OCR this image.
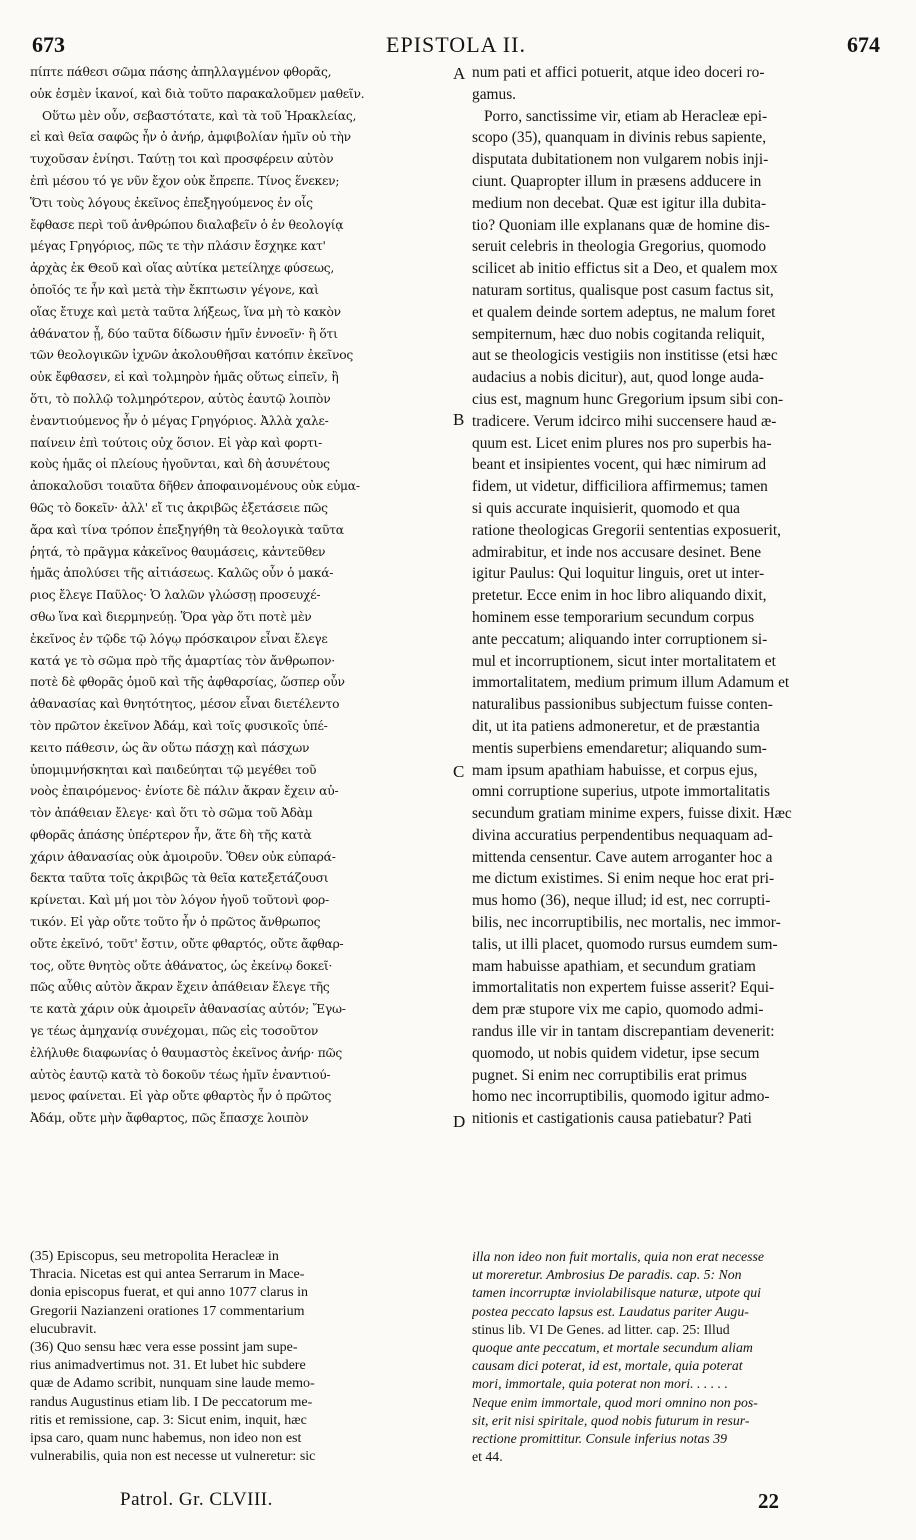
673	EPISTOLA II.	674
πίπτε πάθεσι σῶμα πάσης ἀπηλλαγμένον φθορᾶς,
οὐκ ἐσμὲν ἱκανοί, καὶ διὰ τοῦτο παρακαλοῦμεν μαθεῖν.
Οὕτω μὲν οὖν, σεβαστότατε, καὶ τὰ τοῦ Ἡρακλείας,
εἰ καὶ θεῖα σαφῶς ἦν ὁ ἀνήρ, ἀμφιβολίαν ἡμῖν οὐ τὴν
τυχοῦσαν ἐνίησι. Ταύτῃ τοι καὶ προσφέρειν αὐτὸν
ἐπὶ μέσου τό γε νῦν ἔχον οὐκ ἔπρεπε. Τίνος ἕνεκεν;
Ὅτι τοὺς λόγους ἐκεῖνος ἐπεξηγούμενος ἐν οἷς
ἔφθασε περὶ τοῦ ἀνθρώπου διαλαβεῖν ὁ ἐν θεολογίᾳ
μέγας Γρηγόριος, πῶς τε τὴν πλάσιν ἔσχηκε κατ'
ἀρχὰς ἐκ Θεοῦ καὶ οἵας αὐτίκα μετείληχε φύσεως,
ὁποῖός τε ἦν καὶ μετὰ τὴν ἔκπτωσιν γέγονε, καὶ
οἵας ἔτυχε καὶ μετὰ ταῦτα λήξεως, ἵνα μὴ τὸ κακὸν
ἀθάνατον ᾖ, δύο ταῦτα δίδωσιν ἡμῖν ἐννοεῖν· ἢ ὅτι
τῶν θεολογικῶν ἰχνῶν ἀκολουθῆσαι κατόπιν ἐκεῖνος
οὐκ ἔφθασεν, εἰ καὶ τολμηρὸν ἡμᾶς οὕτως εἰπεῖν, ἢ
ὅτι, τὸ πολλῷ τολμηρότερον, αὐτὸς ἑαυτῷ λοιπὸν
ἐναντιούμενος ἦν ὁ μέγας Γρηγόριος. Ἀλλὰ χαλε-
παίνειν ἐπὶ τούτοις οὐχ ὅσιον. Εἰ γὰρ καὶ φορτι-
κοὺς ἡμᾶς οἱ πλείους ἡγοῦνται, καὶ δὴ ἀσυνέτους
ἀποκαλοῦσι τοιαῦτα δῆθεν ἀποφαινομένους οὐκ εὐμα-
θῶς τὸ δοκεῖν· ἀλλ' εἴ τις ἀκριβῶς ἐξετάσειε πῶς
ἄρα καὶ τίνα τρόπον ἐπεξηγήθη τὰ θεολογικὰ ταῦτα
ῥητά, τὸ πρᾶγμα κἀκεῖνος θαυμάσεις, κἀντεῦθεν
ἡμᾶς ἀπολύσει τῆς αἰτιάσεως. Καλῶς οὖν ὁ μακά-
ριος ἔλεγε Παῦλος· Ὁ λαλῶν γλώσσῃ προσευχέ-
σθω ἵνα καὶ διερμηνεύῃ. Ὅρα γὰρ ὅτι ποτὲ μὲν
ἐκεῖνος ἐν τῷδε τῷ λόγῳ πρόσκαιρον εἶναι ἔλεγε
κατά γε τὸ σῶμα πρὸ τῆς ἁμαρτίας τὸν ἄνθρωπον·
ποτὲ δὲ φθορᾶς ὁμοῦ καὶ τῆς ἀφθαρσίας, ὥσπερ οὖν
ἀθανασίας καὶ θνητότητος, μέσον εἶναι διετέλεντο
τὸν πρῶτον ἐκεῖνον Ἀδάμ, καὶ τοῖς φυσικοῖς ὑπέ-
κειτο πάθεσιν, ὡς ἂν οὕτω πάσχῃ καὶ πάσχων
ὑπομιμνήσκηται καὶ παιδεύηται τῷ μεγέθει τοῦ
νοὸς ἐπαιρόμενος· ἐνίοτε δὲ πάλιν ἄκραν ἔχειν αὐ-
τὸν ἀπάθειαν ἔλεγε· καὶ ὅτι τὸ σῶμα τοῦ Ἀδὰμ
φθορᾶς ἁπάσης ὑπέρτερον ἦν, ἅτε δὴ τῆς κατὰ
χάριν ἀθανασίας οὐκ ἀμοιροῦν. Ὅθεν οὐκ εὐπαρά-
δεκτα ταῦτα τοῖς ἀκριβῶς τὰ θεῖα κατεξετάζουσι
κρίνεται. Καὶ μή μοι τὸν λόγον ἡγοῦ τοῦτονὶ φορ-
τικόν. Εἰ γὰρ οὔτε τοῦτο ἦν ὁ πρῶτος ἄνθρωπος
οὔτε ἐκεῖνό, τοῦτ' ἔστιν, οὔτε φθαρτός, οὔτε ἄφθαρ-
τος, οὔτε θνητὸς οὔτε ἀθάνατος, ὡς ἐκείνῳ δοκεῖ·
πῶς αὖθις αὐτὸν ἄκραν ἔχειν ἀπάθειαν ἔλεγε τῆς
τε κατὰ χάριν οὐκ ἀμοιρεῖν ἀθανασίας αὐτόν; Ἔγω-
γε τέως ἀμηχανίᾳ συνέχομαι, πῶς εἰς τοσοῦτον
ἐλήλυθε διαφωνίας ὁ θαυμαστὸς ἐκεῖνος ἀνήρ· πῶς
αὐτὸς ἑαυτῷ κατὰ τὸ δοκοῦν τέως ἡμῖν ἐναντιού-
μενος φαίνεται. Εἰ γὰρ οὔτε φθαρτὸς ἦν ὁ πρῶτος
Ἀδάμ, οὔτε μὴν ἄφθαρτος, πῶς ἔπασχε λοιπὸν
num pati et affici potuerit, atque ideo doceri ro-
gamus.
Porro, sanctissime vir, etiam ab Heracleæ epi-
scopo (35), quanquam in divinis rebus sapiente,
disputata dubitationem non vulgarem nobis inji-
ciunt. Quapropter illum in præsens adducere in
medium non decebat. Quæ est igitur illa dubita-
tio? Quoniam ille explanans quæ de homine dis-
seruit celebris in theologia Gregorius, quomodo
scilicet ab initio effictus sit a Deo, et qualem mox
naturam sortitus, qualisque post casum factus sit,
et qualem deinde sortem adeptus, ne malum foret
sempiternum, hæc duo nobis cogitanda reliquit,
aut se theologicis vestigiis non institisse (etsi hæc
audacius a nobis dicitur), aut, quod longe auda-
cius est, magnum hunc Gregorium ipsum sibi con-
tradicere. Verum idcirco mihi succensere haud æ-
quum est. Licet enim plures nos pro superbis ha-
beant et insipientes vocent, qui hæc nimirum ad
fidem, ut videtur, difficiliora affirmemus; tamen
si quis accurate inquisierit, quomodo et qua
ratione theologicas Gregorii sententias exposuerit,
admirabitur, et inde nos accusare desinet. Bene
igitur Paulus: Qui loquitur linguis, oret ut inter-
pretetur. Ecce enim in hoc libro aliquando dixit,
hominem esse temporarium secundum corpus
ante peccatum; aliquando inter corruptionem si-
mul et incorruptionem, sicut inter mortalitatem et
immortalitatem, medium primum illum Adamum et
naturalibus passionibus subjectum fuisse conten-
dit, ut ita patiens admoneretur, et de præstantia
mentis superbiens emendaretur; aliquando sum-
mam ipsum apathiam habuisse, et corpus ejus,
omni corruptione superius, utpote immortalitatis
secundum gratiam minime expers, fuisse dixit. Hæc
divina accuratius perpendentibus nequaquam ad-
mittenda censentur. Cave autem arroganter hoc a
me dictum existimes. Si enim neque hoc erat pri-
mus homo (36), neque illud; id est, nec corrupti-
bilis, nec incorruptibilis, nec mortalis, nec immor-
talis, ut illi placet, quomodo rursus eumdem sum-
mam habuisse apathiam, et secundum gratiam
immortalitatis non expertem fuisse asserit? Equi-
dem præ stupore vix me capio, quomodo admi-
randus ille vir in tantam discrepantiam devenerit:
quomodo, ut nobis quidem videtur, ipse secum
pugnet. Si enim nec corruptibilis erat primus
homo nec incorruptibilis, quomodo igitur admo-
nitionis et castigationis causa patiebatur? Pati
A
B
C
D
(35) Episcopus, seu metropolita Heracleæ in
Thracia. Nicetas est qui antea Serrarum in Mace-
donia episcopus fuerat, et qui anno 1077 clarus in
Gregorii Nazianzeni orationes 17 commentarium
elucubravit.
(36) Quo sensu hæc vera esse possint jam supe-
rius animadvertimus not. 31. Et lubet hic subdere
quæ de Adamo scribit, nunquam sine laude memo-
randus Augustinus etiam lib. I De peccatorum me-
ritis et remissione, cap. 3: Sicut enim, inquit, hæc
ipsa caro, quam nunc habemus, non ideo non est
vulnerabilis, quia non est necesse ut vulneretur: sic
illa non ideo non fuit mortalis, quia non erat necesse
ut moreretur. Ambrosius De paradis. cap. 5: Non
tamen incorruptæ inviolabilisque naturæ, utpote qui
postea peccato lapsus est. Laudatus pariter Augu-
stinus lib. VI De Genes. ad litter. cap. 25: Illud
quoque ante peccatum, et mortale secundum aliam
causam dici poterat, id est, mortale, quia poterat
mori, immortale, quia poterat non mori. . . . . .
Neque enim immortale, quod mori omnino non pos-
sit, erit nisi spiritale, quod nobis futurum in resur-
rectione promittitur. Consule inferius notas 39
et 44.
Patrol. Gr. CLVIII.	22
